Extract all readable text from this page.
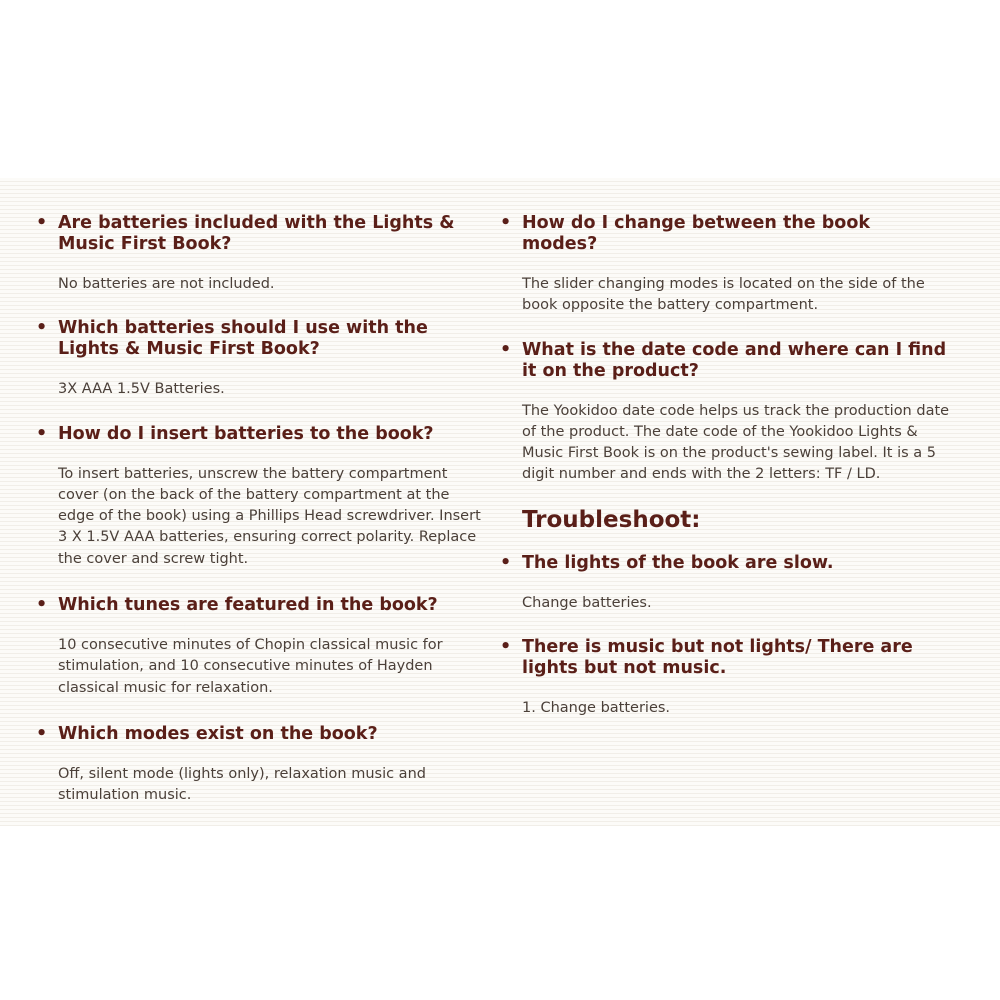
• Are batteries included with the Lights & Music First Book?

No batteries are not included.

• Which batteries should I use with the Lights & Music First Book?

3X AAA 1.5V Batteries.

• How do I insert batteries to the book?

To insert batteries, unscrew the battery compartment cover (on the back of the battery compartment at the edge of the book) using a Phillips Head screwdriver. Insert 3 X 1.5V AAA batteries, ensuring correct polarity. Replace the cover and screw tight.

• Which tunes are featured in the book?

10 consecutive minutes of Chopin classical music for stimulation, and 10 consecutive minutes of Hayden classical music for relaxation.

• Which modes exist on the book?

Off, silent mode (lights only), relaxation music and stimulation music.

• How do I change between the book modes?

The slider changing modes is located on the side of the book opposite the battery compartment.

• What is the date code and where can I find it on the product?

The Yookidoo date code helps us track the production date of the product. The date code of the Yookidoo Lights & Music First Book is on the product's sewing label. It is a 5 digit number and ends with the 2 letters: TF / LD.
Troubleshoot:

• The lights of the book are slow.

Change batteries.

• There is music but not lights/ There are lights but not music.

1. Change batteries.
